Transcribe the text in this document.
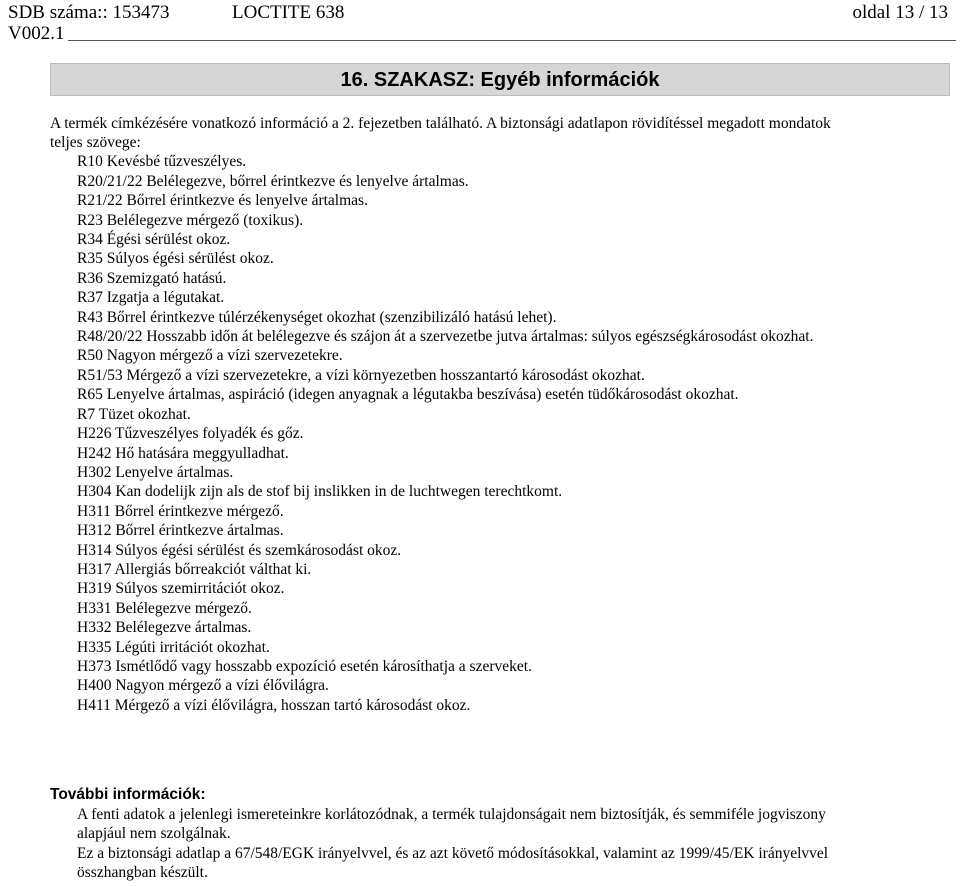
SDB száma:: 153473
V002.1
LOCTITE 638	oldal 13 / 13
16. SZAKASZ: Egyéb információk

A termék címkézésére vonatkozó információ a 2. fejezetben található. A biztonsági adatlapon rövidítéssel megadott mondatok

teljes szövege:

R10 Kevésbé tűzveszélyes.
R20/21/22 Belélegezve, bőrrel érintkezve és lenyelve ártalmas.
R21/22 Bőrrel érintkezve és lenyelve ártalmas.
R23 Belélegezve mérgező (toxikus).
R34 Égési sérülést okoz.
R35 Súlyos égési sérülést okoz.
R36 Szemizgató hatású.
R37 Izgatja a légutakat.
R43 Bőrrel érintkezve túlérzékenységet okozhat (szenzibilizáló hatású lehet).
R48/20/22 Hosszabb időn át belélegezve és szájon át a szervezetbe jutva ártalmas: súlyos egészségkárosodást okozhat.
R50 Nagyon mérgező a vízi szervezetekre.
R51/53 Mérgező a vízi szervezetekre, a vízi környezetben hosszantartó károsodást okozhat.
R65 Lenyelve ártalmas, aspiráció (idegen anyagnak a légutakba beszívása) esetén tüdőkárosodást okozhat.
R7 Tüzet okozhat.
H226 Tűzveszélyes folyadék és gőz.
H242 Hő hatására meggyulladhat.
H302 Lenyelve ártalmas.
H304 Kan dodelijk zijn als de stof bij inslikken in de luchtwegen terechtkomt.
H311 Bőrrel érintkezve mérgező.
H312 Bőrrel érintkezve ártalmas.
H314 Súlyos égési sérülést és szemkárosodást okoz.
H317 Allergiás bőrreakciót válthat ki.
H319 Súlyos szemirritációt okoz.
H331 Belélegezve mérgező.
H332 Belélegezve ártalmas.
H335 Légúti irritációt okozhat.
H373 Ismétlődő vagy hosszabb expozíció esetén károsíthatja a szerveket.
H400 Nagyon mérgező a vízi élővilágra.
H411 Mérgező a vízi élővilágra, hosszan tartó károsodást okoz.

További információk:

A fenti adatok a jelenlegi ismereteinkre korlátozódnak, a termék tulajdonságait nem biztosítják, és semmiféle jogviszony

alapjául nem szolgálnak.

Ez a biztonsági adatlap a 67/548/EGK irányelvvel, és az azt követő módosításokkal, valamint az 1999/45/EK irányelvvel

összhangban készült.
